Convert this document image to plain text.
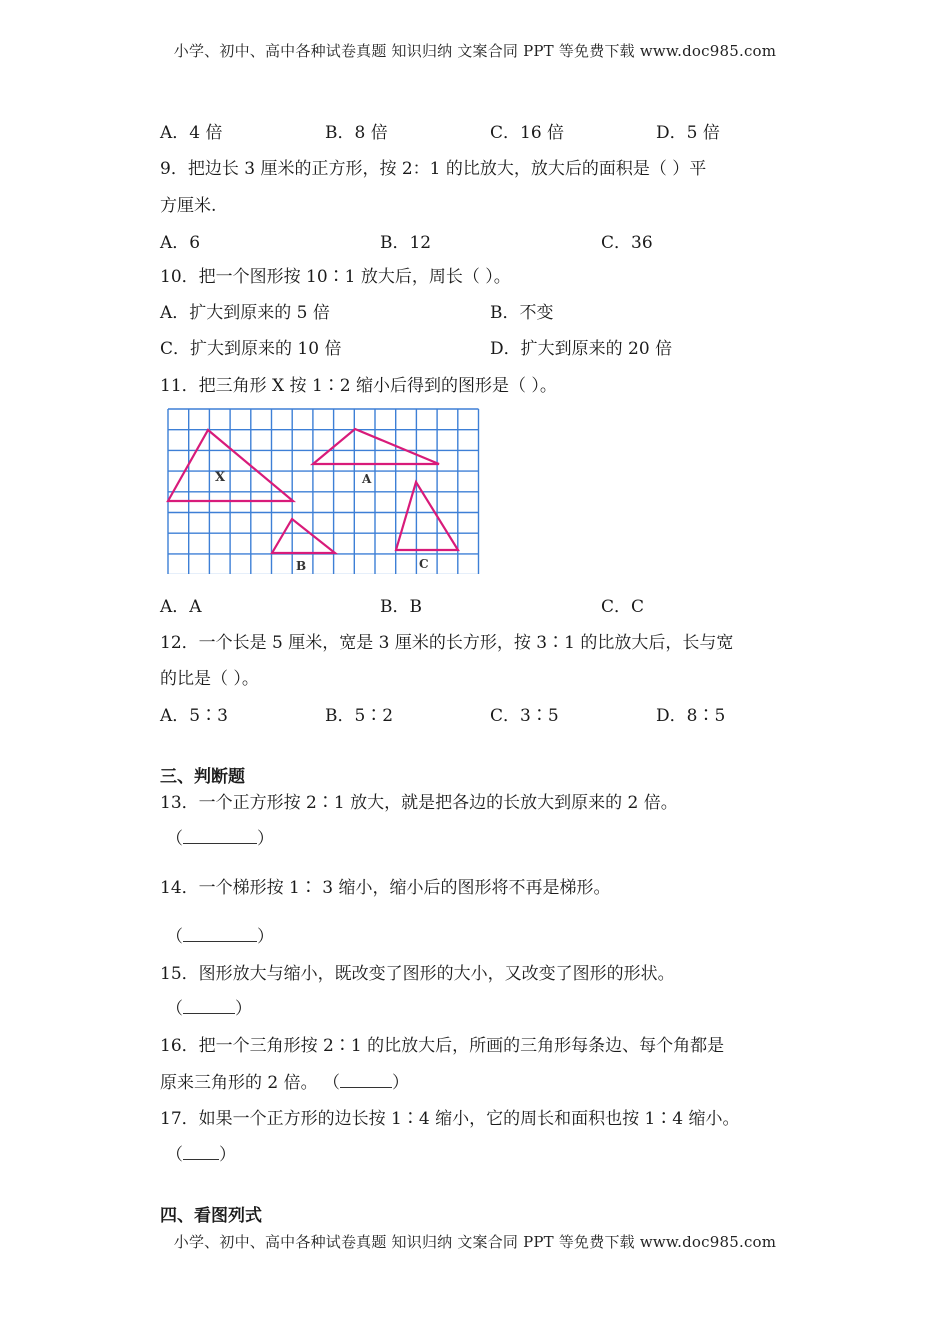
小学、初中、高中各种试卷真题 知识归纳 文案合同 PPT 等免费下载 www.doc985.com
A．4 倍	B．8 倍	C．16 倍	D．5 倍
9．把边长 3 厘米的正方形，按 2：1 的比放大，放大后的面积是（ ）平
方厘米.
A．6	B．12	C．36
10．把一个图形按 10∶1 放大后，周长（ ）。
A．扩大到原来的 5 倍	B．不变
C．扩大到原来的 10 倍	D．扩大到原来的 20 倍
11．把三角形 X 按 1∶2 缩小后得到的图形是（ ）。
X	A
B	C
A．A	B．B	C．C
12．一个长是 5 厘米，宽是 3 厘米的长方形，按 3∶1 的比放大后，长与宽
的比是（ ）。
A．5∶3	B．5∶2	C．3∶5	D．8∶5
三、判断题
13．一个正方形按 2∶1 放大，就是把各边的长放大到原来的 2 倍。
（	）
14．一个梯形按 1∶ 3 缩小，缩小后的图形将不再是梯形。
（	）
15．图形放大与缩小，既改变了图形的大小，又改变了图形的形状。
（	）
16．把一个三角形按 2∶1 的比放大后，所画的三角形每条边、每个角都是
原来三角形的 2 倍。 （	）
17．如果一个正方形的边长按 1∶4 缩小，它的周长和面积也按 1∶4 缩小。
（ ）
四、看图列式
小学、初中、高中各种试卷真题 知识归纳 文案合同 PPT 等免费下载 www.doc985.com
